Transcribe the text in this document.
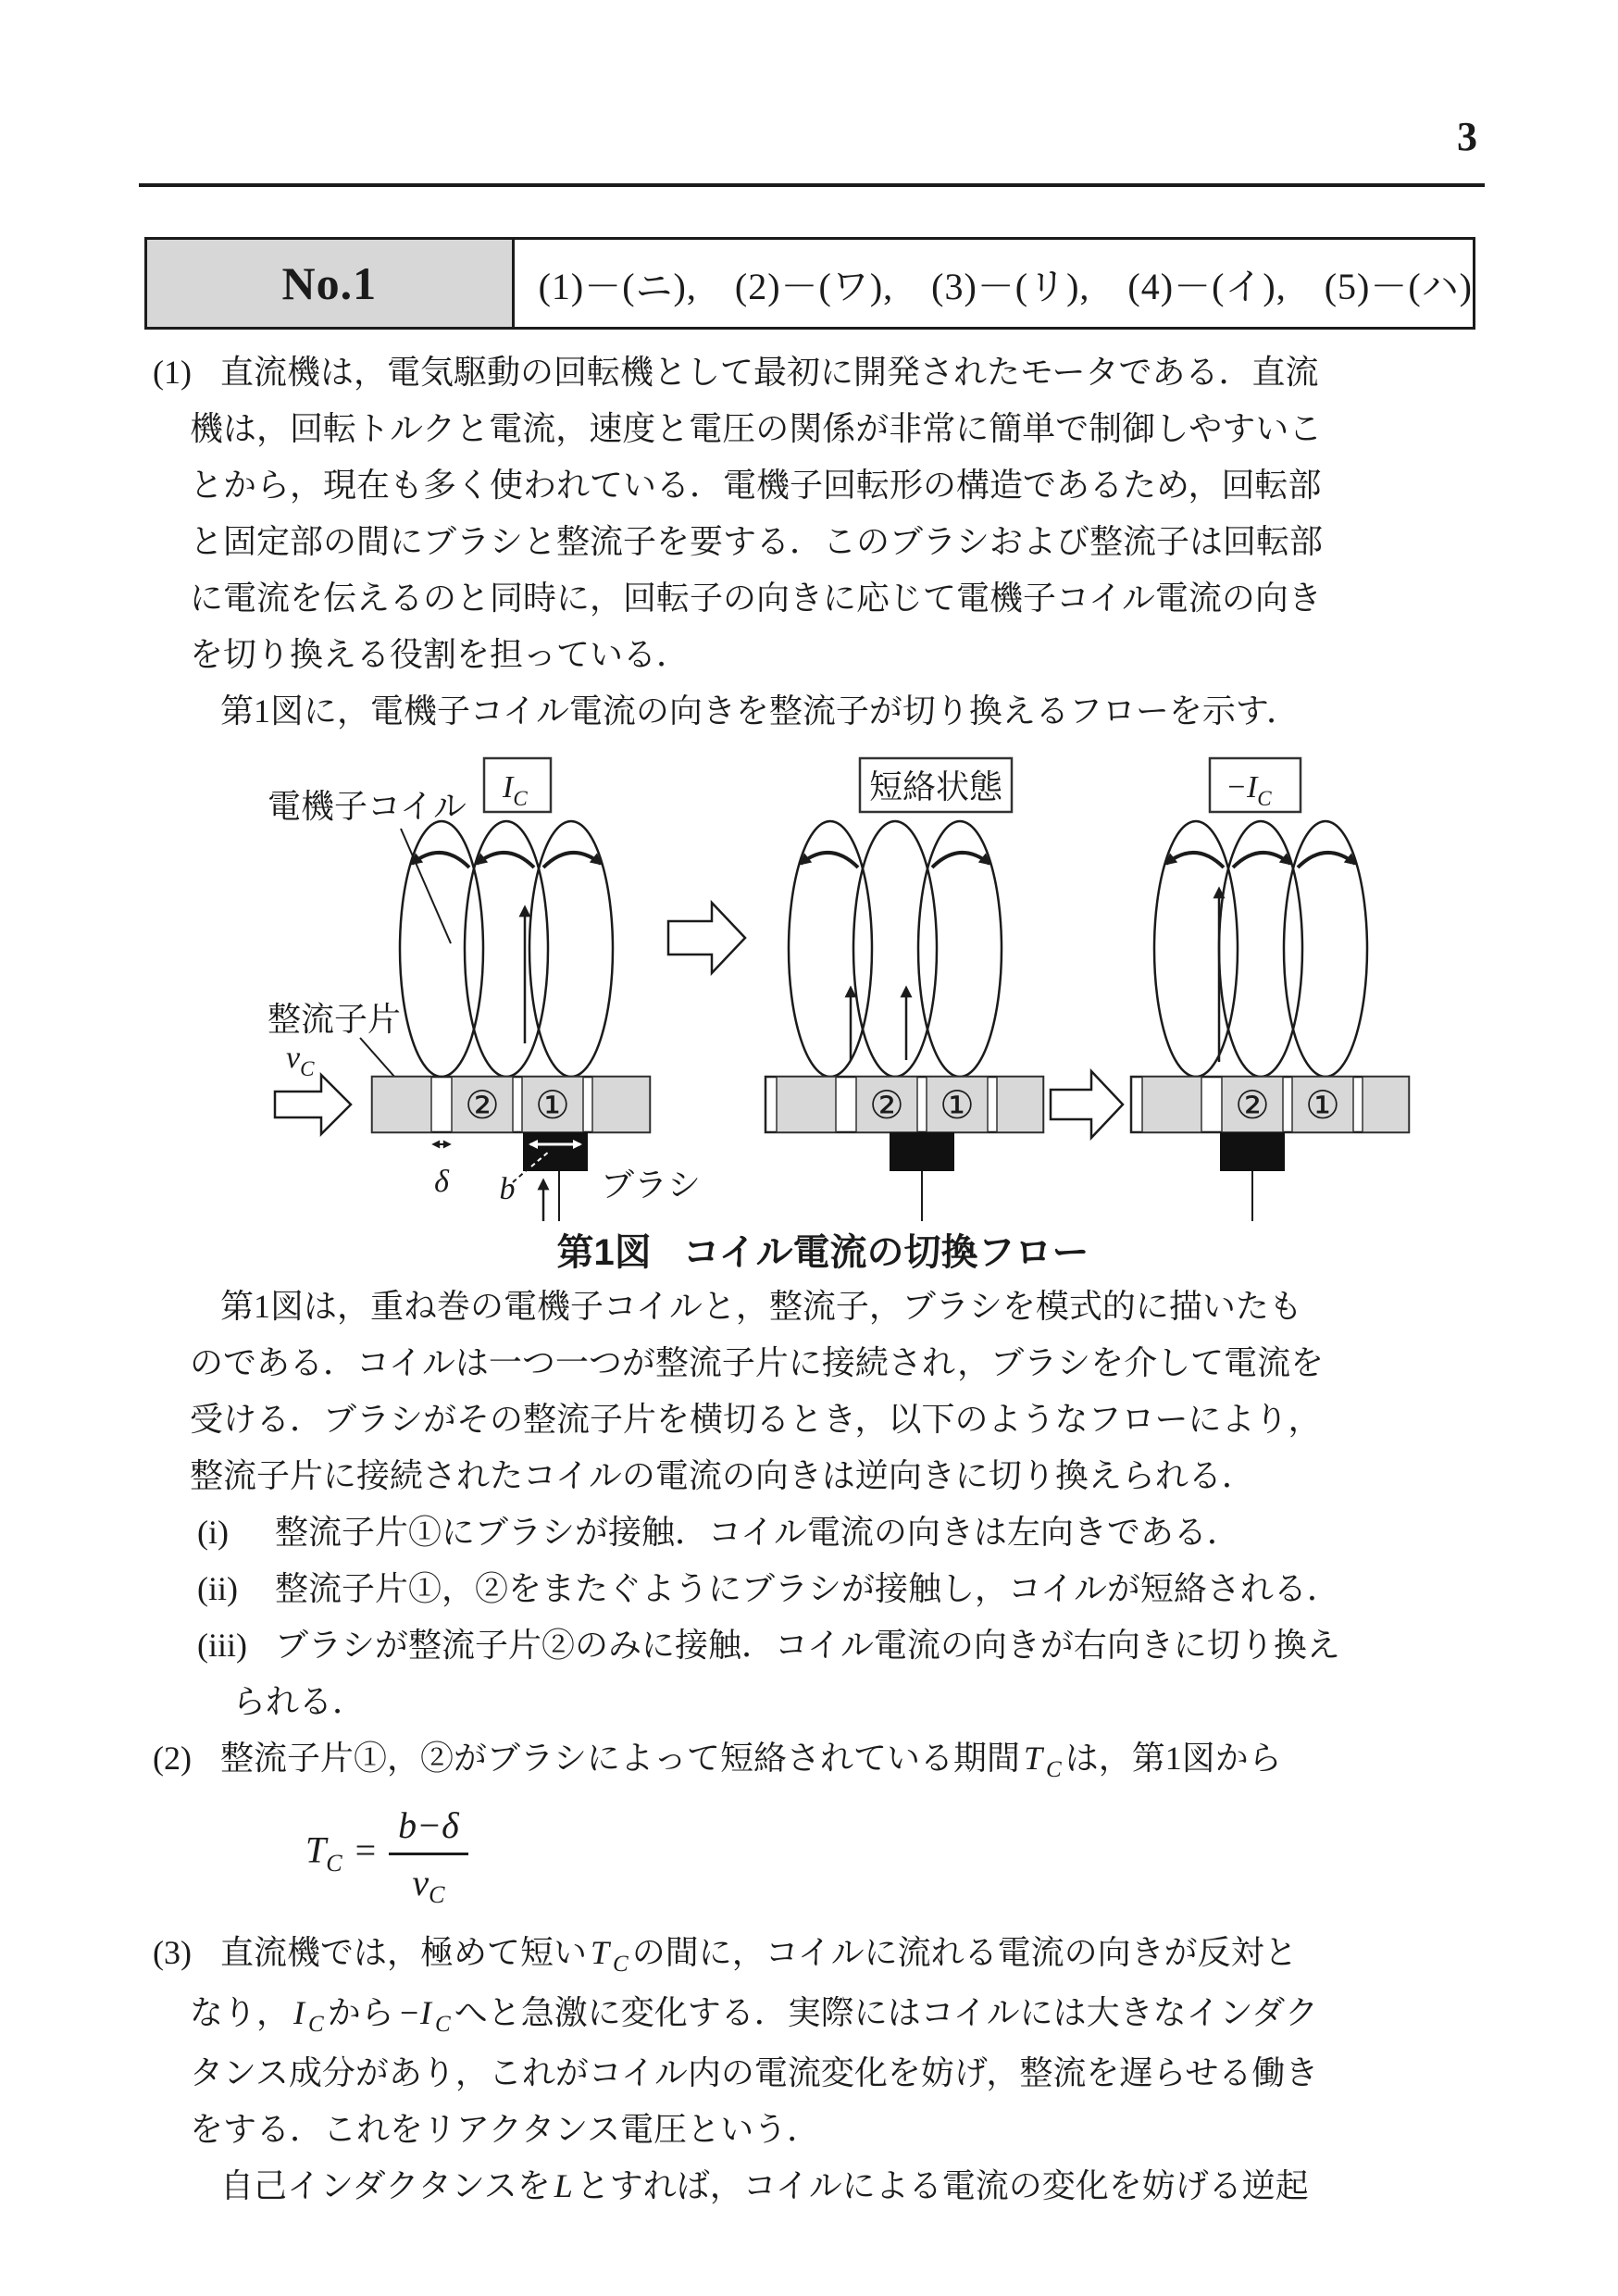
3
No.1	(1)－(ニ),　(2)－(ワ),　(3)－(リ),　(4)－(イ),　(5)－(ハ)
(1) 直流機は，電気駆動の回転機として最初に開発されたモータである．直流
機は，回転トルクと電流，速度と電圧の関係が非常に簡単で制御しやすいこ
とから，現在も多く使われている．電機子回転形の構造であるため，回転部
と固定部の間にブラシと整流子を要する．このブラシおよび整流子は回転部
に電流を伝えるのと同時に，回転子の向きに応じて電機子コイル電流の向き
を切り換える役割を担っている．
第1図に，電機子コイル電流の向きを整流子が切り換えるフローを示す．
$I_C$	短絡状態	$-I_C$
電機子コイル
整流子片
$v_C$
② ①
δ b	ブラシ
② ①	② ①
第1図 コイル電流の切換フロー
第1図は，重ね巻の電機子コイルと，整流子，ブラシを模式的に描いたも
のである．コイルは一つ一つが整流子片に接続され，ブラシを介して電流を
受ける．ブラシがその整流子片を横切るとき，以下のようなフローにより，
整流子片に接続されたコイルの電流の向きは逆向きに切り換えられる．
(i) 整流子片①にブラシが接触．コイル電流の向きは左向きである．
(ii) 整流子片①，②をまたぐようにブラシが接触し，コイルが短絡される．
(iii) ブラシが整流子片②のみに接触．コイル電流の向きが右向きに切り換え
られる．
(2) 整流子片①，②がブラシによって短絡されている期間 T $_C$ は，第1図から
$T_C = \frac{b-\delta}{v_C}$
(3) 直流機では，極めて短い T $_C$ の間に，コイルに流れる電流の向きが反対と
なり， I $_C$ から −I $_C$ へと急激に変化する．実際にはコイルには大きなインダク
タンス成分があり，これがコイル内の電流変化を妨げ，整流を遅らせる働き
をする．これをリアクタンス電圧という．
自己インダクタンスを L とすれば，コイルによる電流の変化を妨げる逆起
